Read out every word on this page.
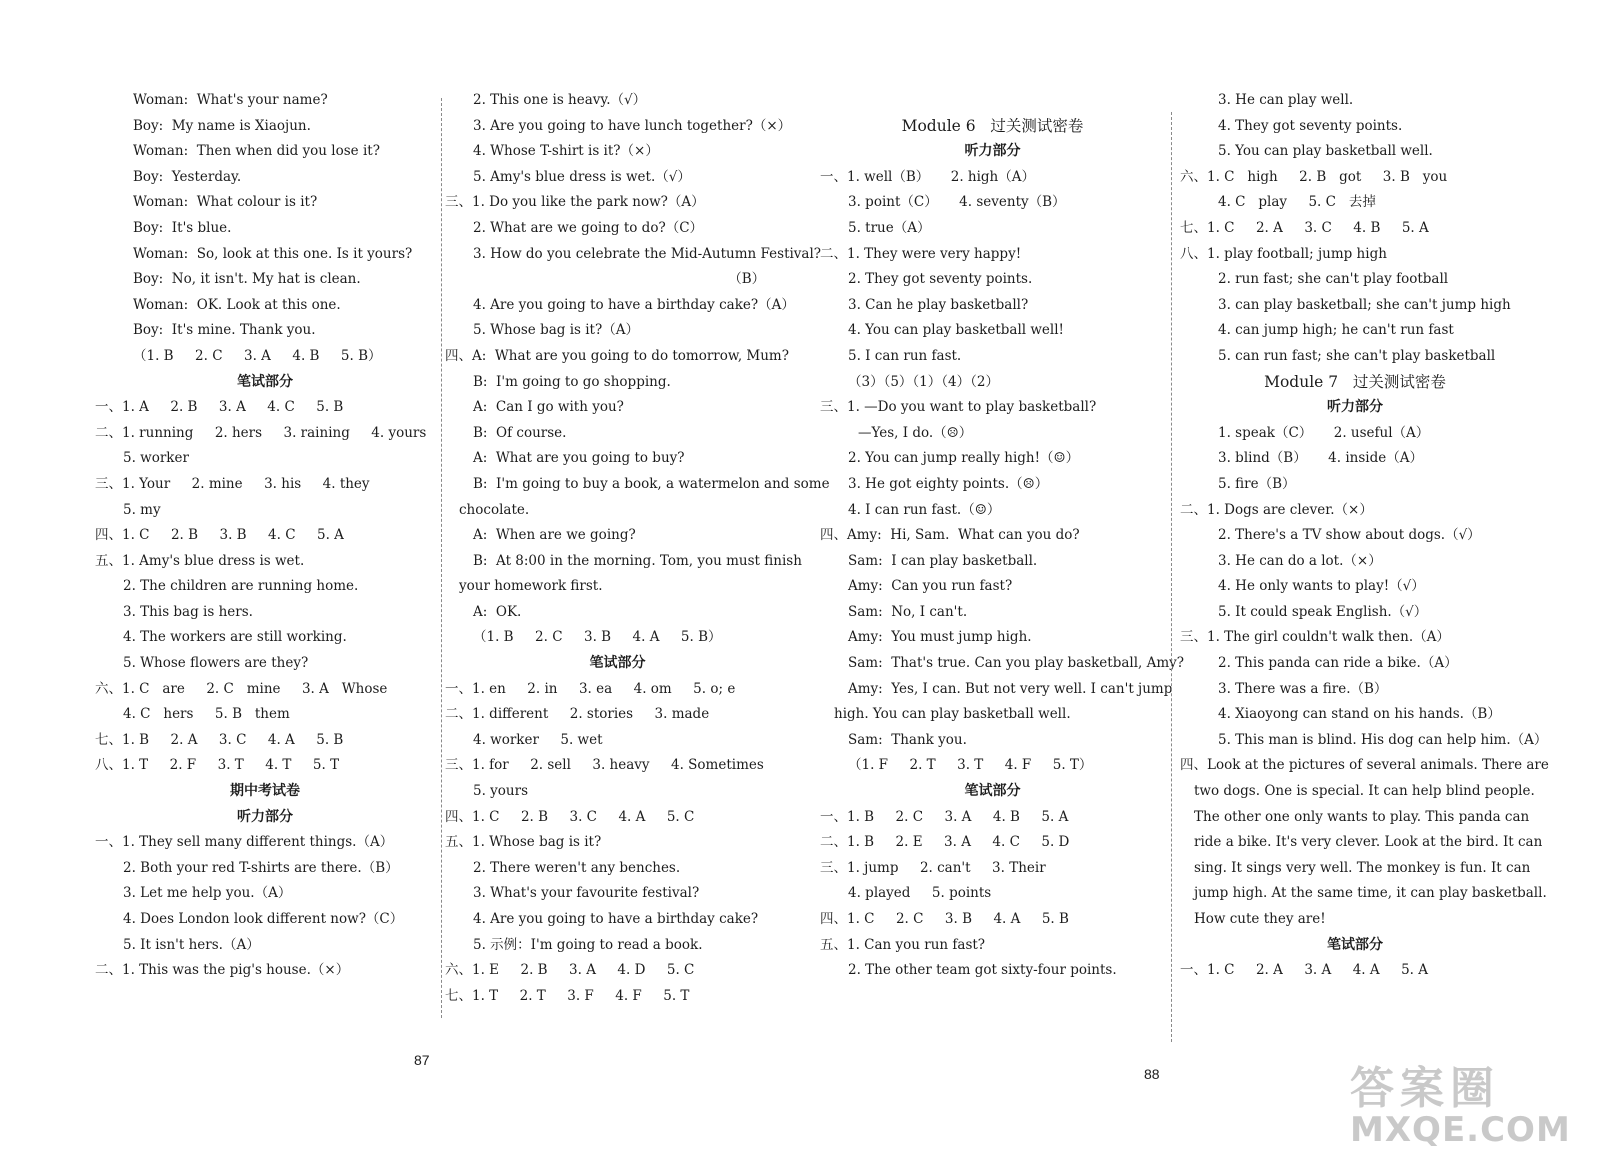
Woman:  What's your name?
Boy:  My name is Xiaojun.
Woman:  Then when did you lose it?
Boy:  Yesterday.
Woman:  What colour is it?
Boy:  It's blue.
Woman:  So, look at this one. Is it yours?
Boy:  No, it isn't. My hat is clean.
Woman:  OK. Look at this one.
Boy:  It's mine. Thank you.
（1. B     2. C     3. A     4. B     5. B）
笔试部分
一、1. A     2. B     3. A     4. C     5. B
二、1. running     2. hers     3. raining     4. yours
5. worker
三、1. Your     2. mine     3. his     4. they
5. my
四、1. C     2. B     3. B     4. C     5. A
五、1. Amy's blue dress is wet.
2. The children are running home.
3. This bag is hers.
4. The workers are still working.
5. Whose flowers are they?
六、1. C   are     2. C   mine     3. A   Whose
4. C   hers     5. B   them
七、1. B     2. A     3. C     4. A     5. B
八、1. T     2. F     3. T     4. T     5. T
期中考试卷
听力部分
一、1. They sell many different things.（A）
2. Both your red T-shirts are there.（B）
3. Let me help you.（A）
4. Does London look different now?（C）
5. It isn't hers.（A）
二、1. This was the pig's house.（×）
2. This one is heavy.（√）
3. Are you going to have lunch together?（×）
4. Whose T-shirt is it?（×）
5. Amy's blue dress is wet.（√）
三、1. Do you like the park now?（A）
2. What are we going to do?（C）
3. How do you celebrate the Mid-Autumn Festival?
（B）
4. Are you going to have a birthday cake?（A）
5. Whose bag is it?（A）
四、A:  What are you going to do tomorrow, Mum?
B:  I'm going to go shopping.
A:  Can I go with you?
B:  Of course.
A:  What are you going to buy?
B:  I'm going to buy a book, a watermelon and some
chocolate.
A:  When are we going?
B:  At 8:00 in the morning. Tom, you must finish
your homework first.
A:  OK.
（1. B     2. C     3. B     4. A     5. B）
笔试部分
一、1. en     2. in     3. ea     4. om     5. o; e
二、1. different     2. stories     3. made
4. worker     5. wet
三、1. for     2. sell     3. heavy     4. Sometimes
5. yours
四、1. C     2. B     3. C     4. A     5. C
五、1. Whose bag is it?
2. There weren't any benches.
3. What's your favourite festival?
4. Are you going to have a birthday cake?
5. 示例：I'm going to read a book.
六、1. E     2. B     3. A     4. D     5. C
七、1. T     2. T     3. F     4. F     5. T
Module 6   过关测试密卷
听力部分
一、1. well（B）     2. high（A）
3. point（C）     4. seventy（B）
5. true（A）
二、1. They were very happy!
2. They got seventy points.
3. Can he play basketball?
4. You can play basketball well!
5. I can run fast.
（3）（5）（1）（4）（2）
三、1. —Do you want to play basketball?
—Yes, I do.（☹）
2. You can jump really high!（☺）
3. He got eighty points.（☹）
4. I can run fast.（☺）
四、Amy:  Hi, Sam.  What can you do?
Sam:  I can play basketball.
Amy:  Can you run fast?
Sam:  No, I can't.
Amy:  You must jump high.
Sam:  That's true. Can you play basketball, Amy?
Amy:  Yes, I can. But not very well. I can't jump
high. You can play basketball well.
Sam:  Thank you.
（1. F     2. T     3. T     4. F     5. T）
笔试部分
一、1. B     2. C     3. A     4. B     5. A
二、1. B     2. E     3. A     4. C     5. D
三、1. jump     2. can't     3. Their
4. played     5. points
四、1. C     2. C     3. B     4. A     5. B
五、1. Can you run fast?
2. The other team got sixty-four points.
3. He can play well.
4. They got seventy points.
5. You can play basketball well.
六、1. C   high     2. B   got     3. B   you
4. C   play     5. C   去掉
七、1. C     2. A     3. C     4. B     5. A
八、1. play football; jump high
2. run fast; she can't play football
3. can play basketball; she can't jump high
4. can jump high; he can't run fast
5. can run fast; she can't play basketball
Module 7   过关测试密卷
听力部分
1. speak（C）     2. useful（A）
3. blind（B）     4. inside（A）
5. fire（B）
二、1. Dogs are clever.（×）
2. There's a TV show about dogs.（√）
3. He can do a lot.（×）
4. He only wants to play!（√）
5. It could speak English.（√）
三、1. The girl couldn't walk then.（A）
2. This panda can ride a bike.（A）
3. There was a fire.（B）
4. Xiaoyong can stand on his hands.（B）
5. This man is blind. His dog can help him.（A）
四、Look at the pictures of several animals. There are
two dogs. One is special. It can help blind people.
The other one only wants to play. This panda can
ride a bike. It's very clever. Look at the bird. It can
sing. It sings very well. The monkey is fun. It can
jump high. At the same time, it can play basketball.
How cute they are!
笔试部分
一、1. C     2. A     3. A     4. A     5. A
87
88	答案圈
MXQE.COM
